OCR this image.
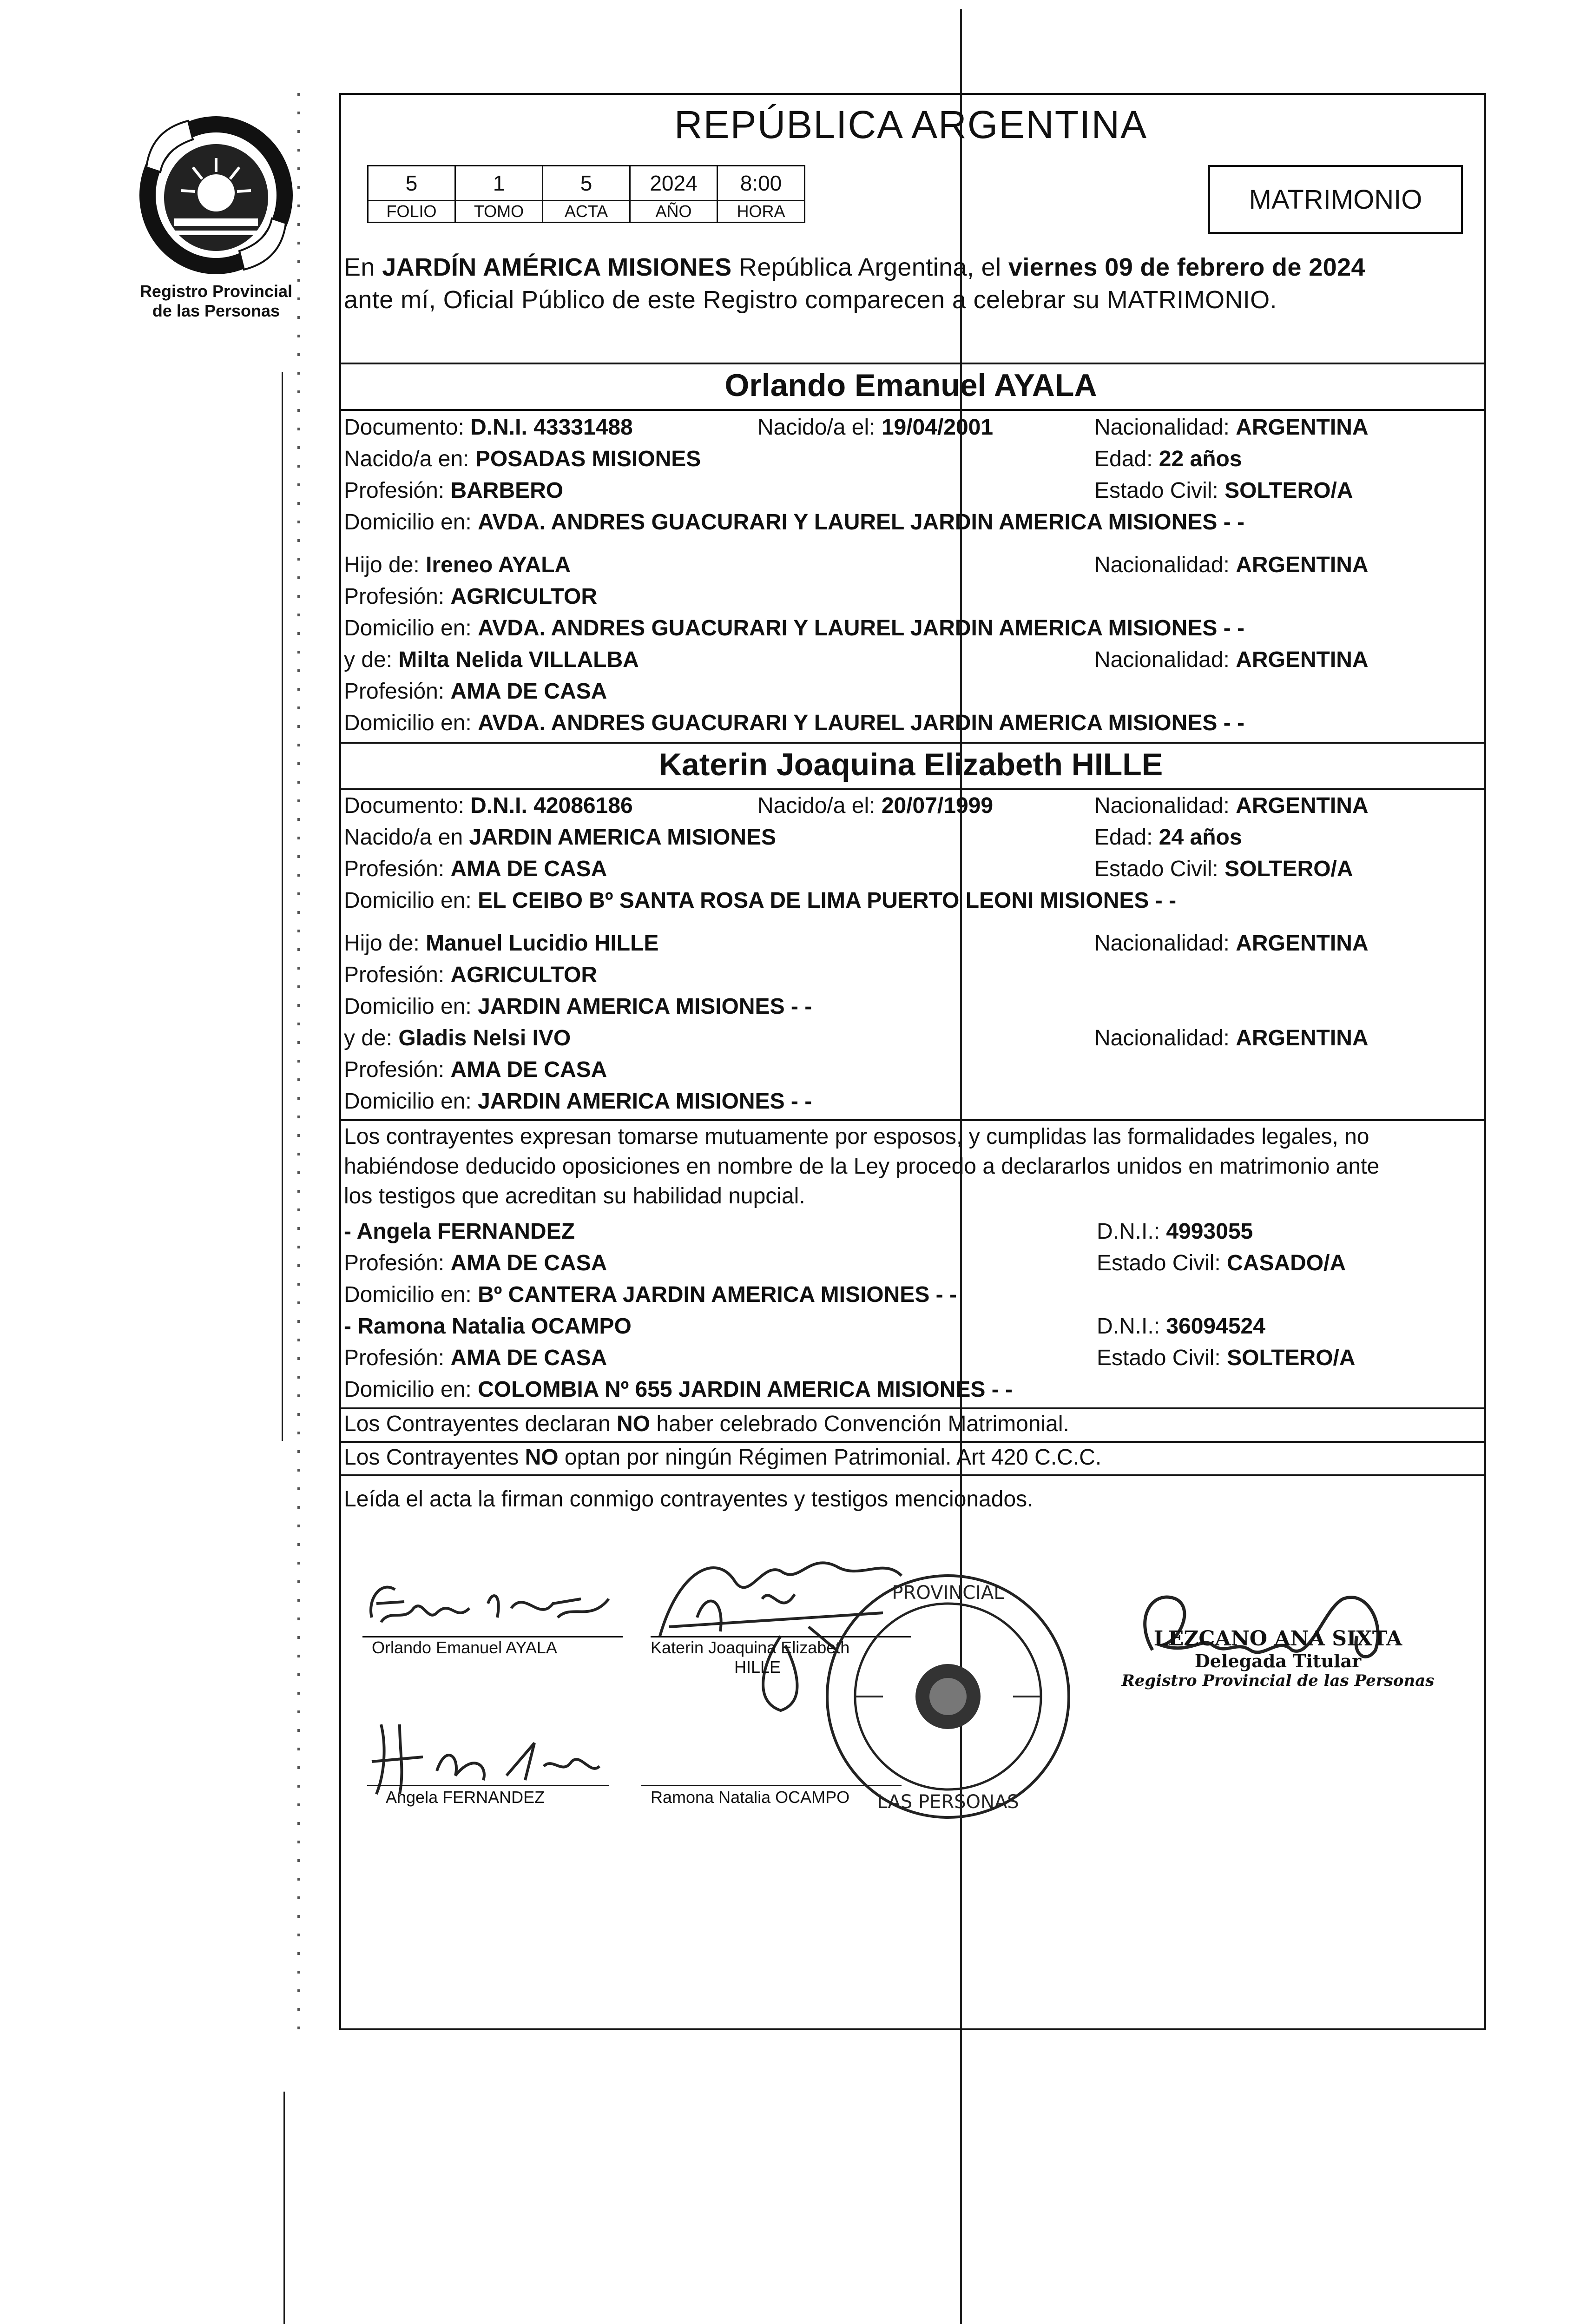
Registro Provincial
de las Personas
REPÚBLICA ARGENTINA
5	1	5	2024	8:00
FOLIO	TOMO	ACTA	AÑO	HORA	MATRIMONIO
En JARDÍN AMÉRICA MISIONES República Argentina, el viernes 09 de febrero de 2024
ante mí, Oficial Público de este Registro comparecen a celebrar su MATRIMONIO.
Orlando Emanuel AYALA
Documento: D.N.I. 43331488	Nacido/a el: 19/04/2001	Nacionalidad: ARGENTINA
Nacido/a en: POSADAS MISIONES	Edad: 22 años
Profesión: BARBERO	Estado Civil: SOLTERO/A
Domicilio en: AVDA. ANDRES GUACURARI Y LAUREL JARDIN AMERICA MISIONES - -
Hijo de: Ireneo AYALA	Nacionalidad: ARGENTINA
Profesión: AGRICULTOR
Domicilio en: AVDA. ANDRES GUACURARI Y LAUREL JARDIN AMERICA MISIONES - -
y de: Milta Nelida VILLALBA	Nacionalidad: ARGENTINA
Profesión: AMA DE CASA
Domicilio en: AVDA. ANDRES GUACURARI Y LAUREL JARDIN AMERICA MISIONES - -
Katerin Joaquina Elizabeth HILLE
Documento: D.N.I. 42086186	Nacido/a el: 20/07/1999	Nacionalidad: ARGENTINA
Nacido/a en JARDIN AMERICA MISIONES	Edad: 24 años
Profesión: AMA DE CASA	Estado Civil: SOLTERO/A
Domicilio en: EL CEIBO Bº SANTA ROSA DE LIMA PUERTO LEONI MISIONES - -
Hijo de: Manuel Lucidio HILLE	Nacionalidad: ARGENTINA
Profesión: AGRICULTOR
Domicilio en: JARDIN AMERICA MISIONES - -
y de: Gladis Nelsi IVO	Nacionalidad: ARGENTINA
Profesión: AMA DE CASA
Domicilio en: JARDIN AMERICA MISIONES - -
Los contrayentes expresan tomarse mutuamente por esposos, y cumplidas las formalidades legales, no
habiéndose deducido oposiciones en nombre de la Ley procedo a declararlos unidos en matrimonio ante
los testigos que acreditan su habilidad nupcial.
- Angela FERNANDEZ	D.N.I.: 4993055
Profesión: AMA DE CASA	Estado Civil: CASADO/A
Domicilio en: Bº CANTERA JARDIN AMERICA MISIONES - -
- Ramona Natalia OCAMPO	D.N.I.: 36094524
Profesión: AMA DE CASA	Estado Civil: SOLTERO/A
Domicilio en: COLOMBIA Nº 655 JARDIN AMERICA MISIONES - -
Los Contrayentes declaran NO haber celebrado Convención Matrimonial.
Los Contrayentes NO optan por ningún Régimen Patrimonial. Art 420 C.C.C.
Leída el acta la firman conmigo contrayentes y testigos mencionados.
Orlando Emanuel AYALA	Katerin Joaquina Elizabeth
HILLE
Angela FERNANDEZ	Ramona Natalia OCAMPO
PROVINCIAL
LAS PERSONAS
LEZCANO ANA SIXTA
Delegada Titular
Registro Provincial de las Personas
